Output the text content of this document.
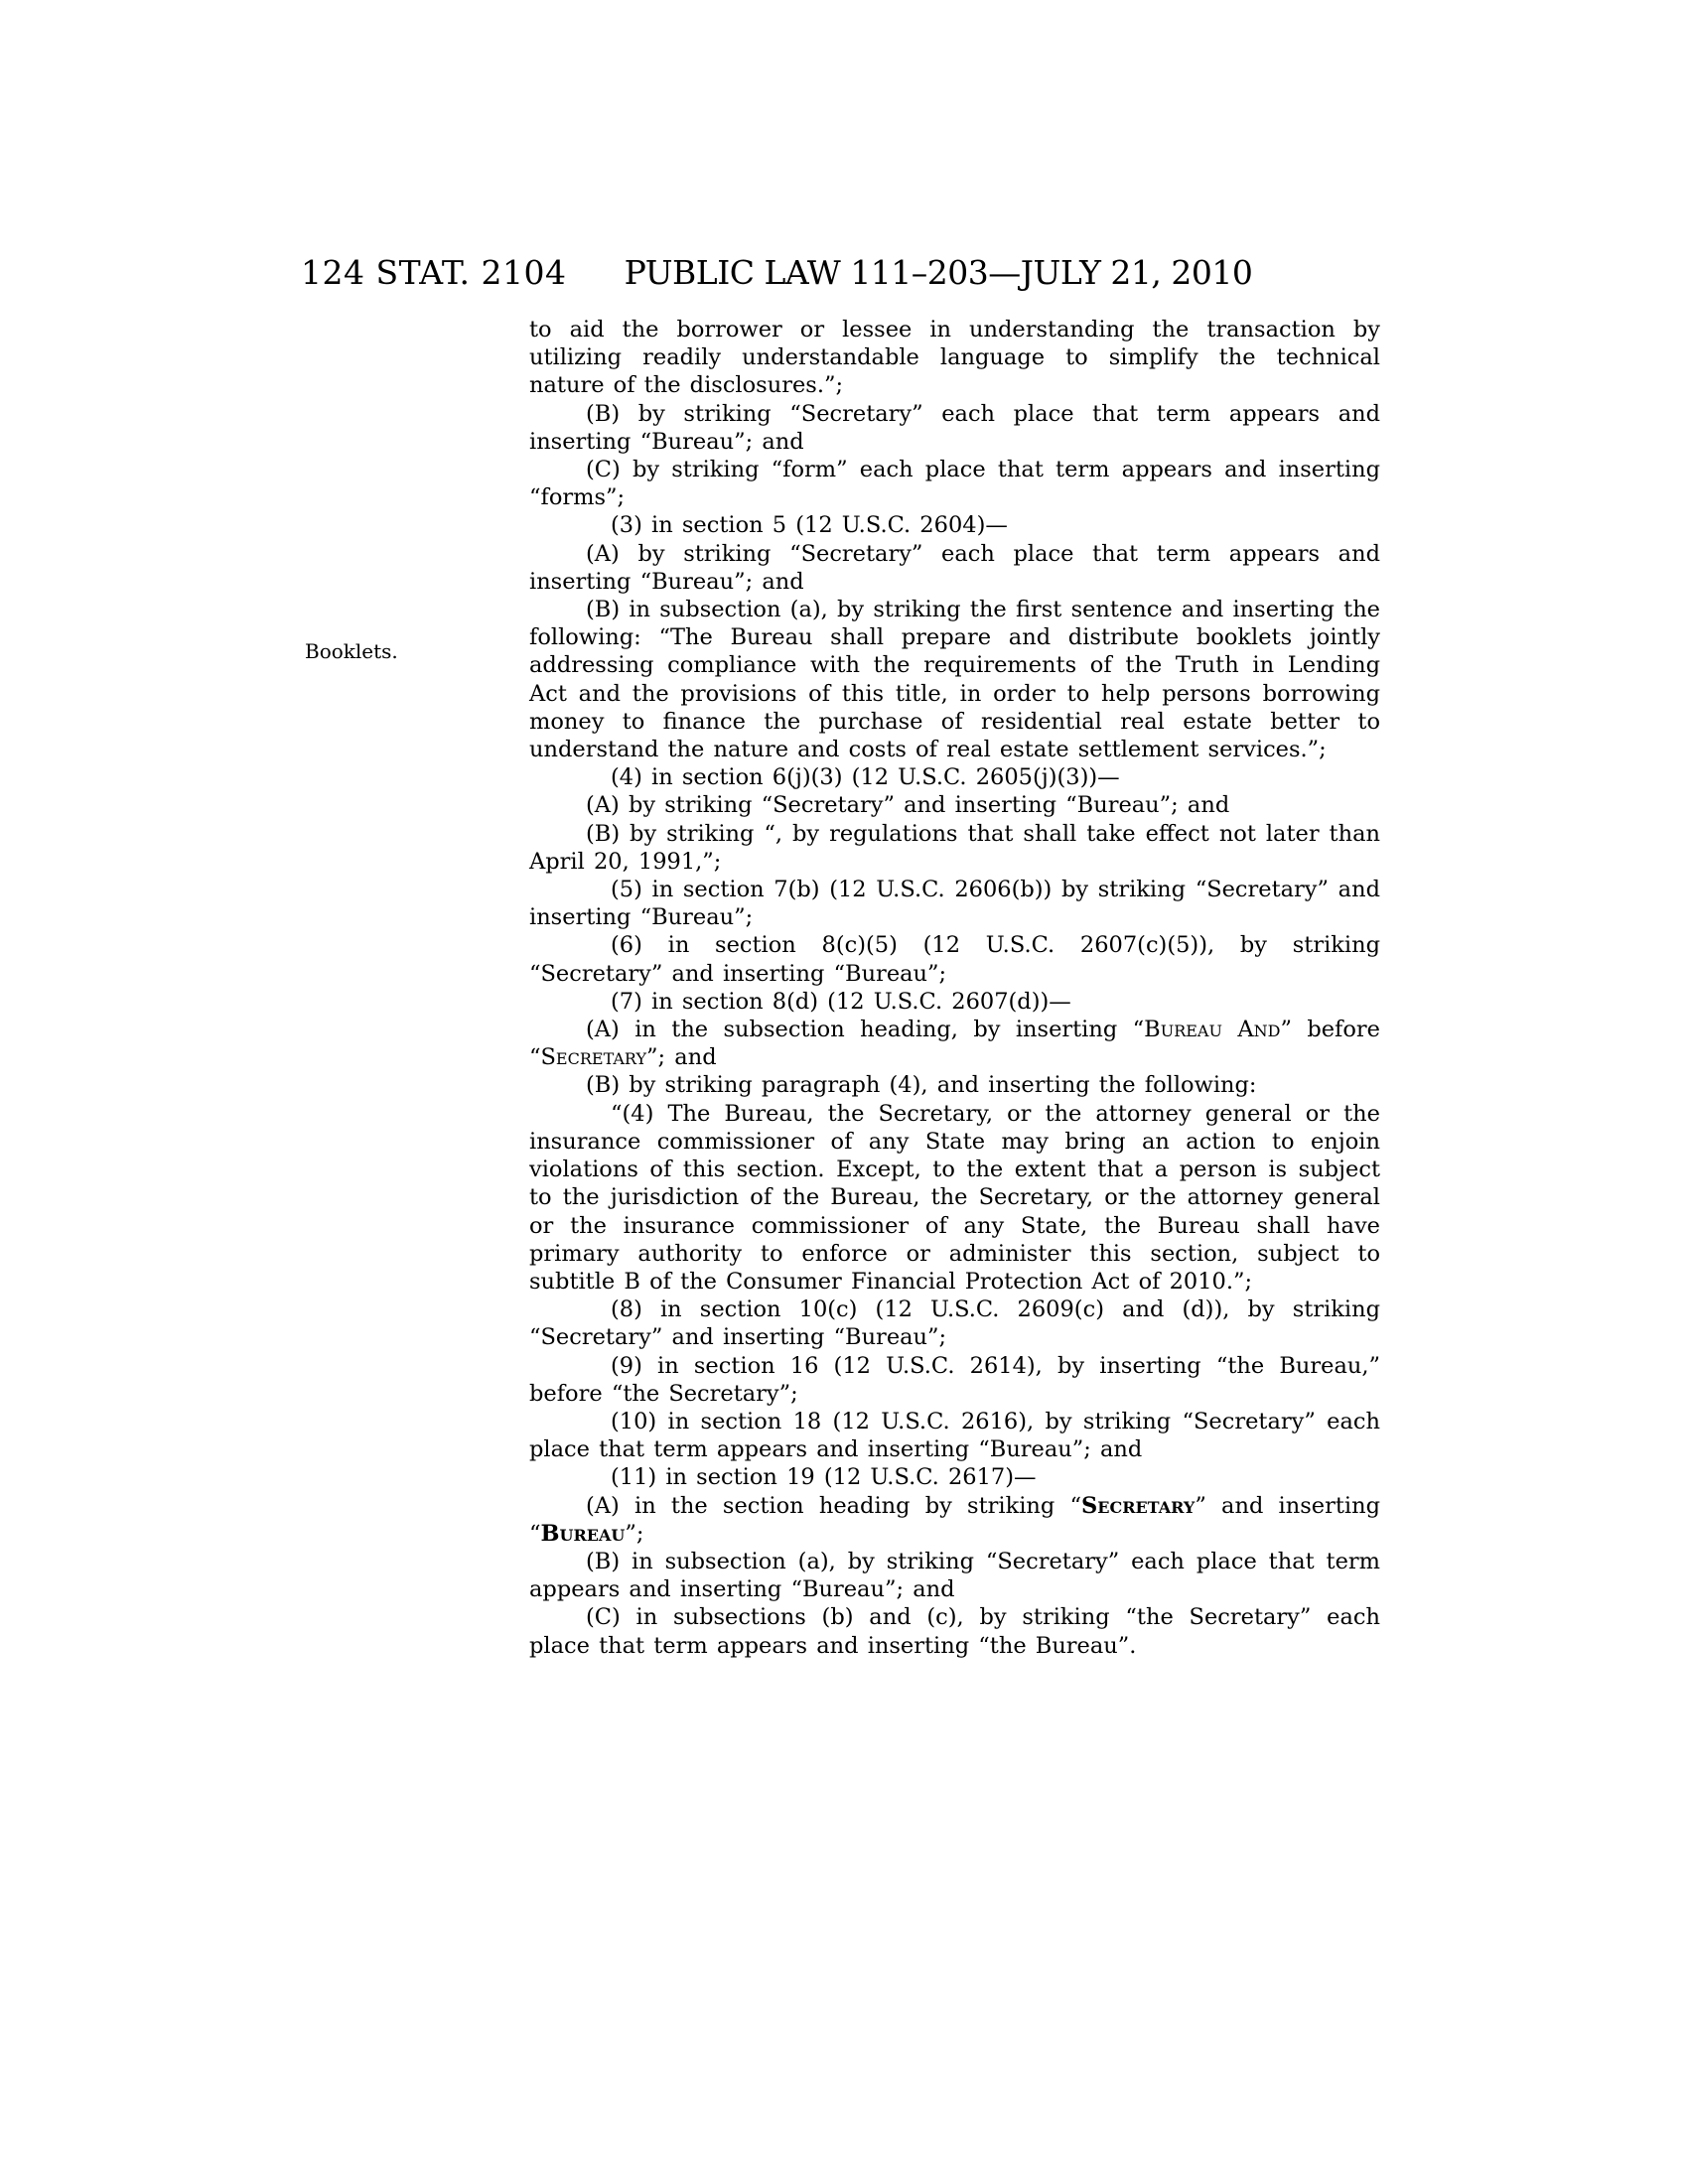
124 STAT. 2104 PUBLIC LAW 111–203—JULY 21, 2010
Booklets.

to aid the borrower or lessee in understanding the transaction by utilizing readily understandable language to simplify the technical nature of the disclosures.”;

(B) by striking “Secretary” each place that term appears and inserting “Bureau”; and

(C) by striking “form” each place that term appears and inserting “forms”;

(3) in section 5 (12 U.S.C. 2604)—

(A) by striking “Secretary” each place that term appears and inserting “Bureau”; and

(B) in subsection (a), by striking the first sentence and inserting the following: “The Bureau shall prepare and distribute booklets jointly addressing compliance with the requirements of the Truth in Lending Act and the provisions of this title, in order to help persons borrowing money to finance the purchase of residential real estate better to understand the nature and costs of real estate settlement services.”;

(4) in section 6(j)(3) (12 U.S.C. 2605(j)(3))—

(A) by striking “Secretary” and inserting “Bureau”; and

(B) by striking “, by regulations that shall take effect not later than April 20, 1991,”;

(5) in section 7(b) (12 U.S.C. 2606(b)) by striking “Secretary” and inserting “Bureau”;

(6) in section 8(c)(5) (12 U.S.C. 2607(c)(5)), by striking “Secretary” and inserting “Bureau”;

(7) in section 8(d) (12 U.S.C. 2607(d))—

(A) in the subsection heading, by inserting “Bureau And” before “Secretary”; and

(B) by striking paragraph (4), and inserting the following:

“(4) The Bureau, the Secretary, or the attorney general or the insurance commissioner of any State may bring an action to enjoin violations of this section. Except, to the extent that a person is subject to the jurisdiction of the Bureau, the Secretary, or the attorney general or the insurance commissioner of any State, the Bureau shall have primary authority to enforce or administer this section, subject to subtitle B of the Consumer Financial Protection Act of 2010.”;

(8) in section 10(c) (12 U.S.C. 2609(c) and (d)), by striking “Secretary” and inserting “Bureau”;

(9) in section 16 (12 U.S.C. 2614), by inserting “the Bureau,” before “the Secretary”;

(10) in section 18 (12 U.S.C. 2616), by striking “Secretary” each place that term appears and inserting “Bureau”; and

(11) in section 19 (12 U.S.C. 2617)—

(A) in the section heading by striking “Secretary” and inserting “Bureau”;

(B) in subsection (a), by striking “Secretary” each place that term appears and inserting “Bureau”; and

(C) in subsections (b) and (c), by striking “the Secretary” each place that term appears and inserting “the Bureau”.
